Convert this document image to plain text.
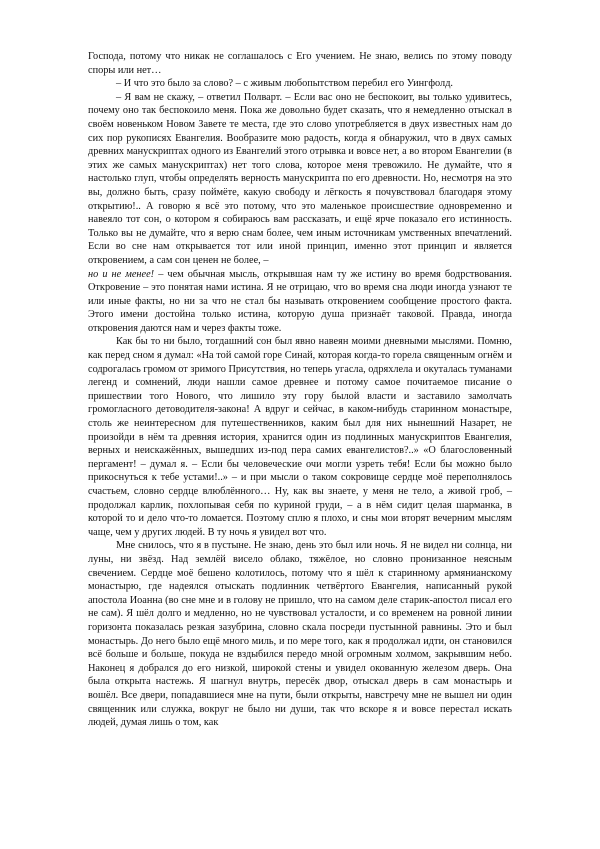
Господа, потому что никак не соглашалось с Его учением. Не знаю, велись по этому поводу споры или нет…

– И что это было за слово? – с живым любопытством перебил его Уингфолд.

– Я вам не скажу, – ответил Полварт. – Если вас оно не беспокоит, вы только удивитесь, почему оно так беспокоило меня. Пока же довольно будет сказать, что я немедленно отыскал в своём новеньком Новом Завете те места, где это слово употребляется в двух известных нам до сих пор рукописях Евангелия. Вообразите мою радость, когда я обнаружил, что в двух самых древних манускриптах одного из Евангелий этого отрывка и вовсе нет, а во втором Евангелии (в этих же самых манускриптах) нет того слова, которое меня тревожило. Не думайте, что я настолько глуп, чтобы определять верность манускрипта по его древности. Но, несмотря на это вы, должно быть, сразу поймёте, какую свободу и лёгкость я почувствовал благодаря этому открытию!.. А говорю я всё это потому, что это маленькое происшествие одновременно и навеяло тот сон, о котором я собираюсь вам рассказать, и ещё ярче показало его истинность. Только вы не думайте, что я верю снам более, чем иным источникам умственных впечатлений. Если во сне нам открывается тот или иной принцип, именно этот принцип и является откровением, а сам сон ценен не более, –

но и не менее! – чем обычная мысль, открывшая нам ту же истину во время бодрствования. Откровение – это понятая нами истина. Я не отрицаю, что во время сна люди иногда узнают те или иные факты, но ни за что не стал бы называть откровением сообщение простого факта. Этого имени достойна только истина, которую душа признаёт таковой. Правда, иногда откровения даются нам и через факты тоже.

Как бы то ни было, тогдашний сон был явно навеян моими дневными мыслями. Помню, как перед сном я думал: «На той самой горе Синай, которая когда-то горела священным огнём и содрогалась громом от зримого Присутствия, но теперь угасла, одряхлела и окуталась туманами легенд и сомнений, люди нашли самое древнее и потому самое почитаемое писание о пришествии того Нового, что лишило эту гору былой власти и заставило замолчать громогласного детоводителя-закона! А вдруг и сейчас, в каком-нибудь старинном монастыре, столь же неинтересном для путешественников, каким был для них нынешний Назарет, не произойди в нём та древняя история, хранится один из подлинных манускриптов Евангелия, верных и неискажённых, вышедших из-под пера самих евангелистов?..» «О благословенный пергамент! – думал я. – Если бы человеческие очи могли узреть тебя! Если бы можно было прикоснуться к тебе устами!..» – и при мысли о таком сокровище сердце моё переполнялось счастьем, словно сердце влюблённого… Ну, как вы знаете, у меня не тело, а живой гроб, – продолжал карлик, похлопывая себя по куриной груди, – а в нём сидит целая шарманка, в которой то и дело что-то ломается. Поэтому сплю я плохо, и сны мои вторят вечерним мыслям чаще, чем у других людей. В ту ночь я увидел вот что.

Мне снилось, что я в пустыне. Не знаю, день это был или ночь. Я не видел ни солнца, ни луны, ни звёзд. Над землёй висело облако, тяжёлое, но словно пронизанное неясным свечением. Сердце моё бешено колотилось, потому что я шёл к старинному армянианскому монастырю, где надеялся отыскать подлинник четвёртого Евангелия, написанный рукой апостола Иоанна (во сне мне и в голову не пришло, что на самом деле старик-апостол писал его не сам). Я шёл долго и медленно, но не чувствовал усталости, и со временем на ровной линии горизонта показалась резкая зазубрина, словно скала посреди пустынной равнины. Это и был монастырь. До него было ещё много миль, и по мере того, как я продолжал идти, он становился всё больше и больше, покуда не вздыбился передо мной огромным холмом, закрывшим небо. Наконец я добрался до его низкой, широкой стены и увидел окованную железом дверь. Она была открыта настежь. Я шагнул внутрь, пересёк двор, отыскал дверь в сам монастырь и вошёл. Все двери, попадавшиеся мне на пути, были открыты, навстречу мне не вышел ни один священник или служка, вокруг не было ни души, так что вскоре я и вовсе перестал искать людей, думая лишь о том, как
